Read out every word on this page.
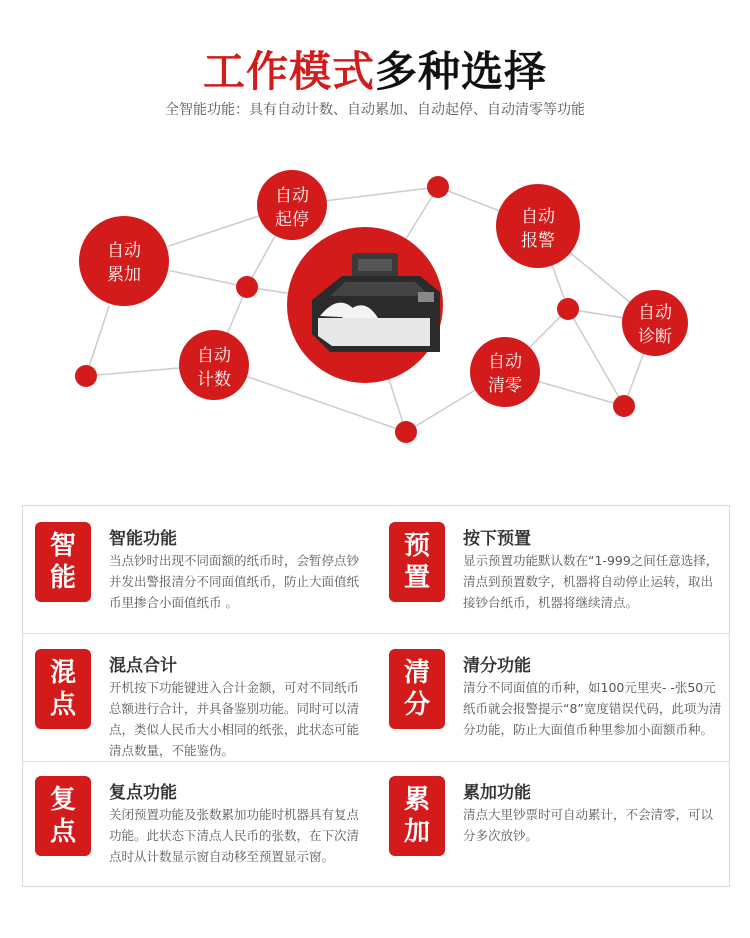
工作模式多种选择
全智能功能：具有自动计数、自动累加、自动起停、自动清零等功能
自动
累加
自动
起停	自动
报警
自动
诊断
自动
计数
自动
清零
智
能
智能功能
当点钞时出现不同面额的纸币时，会暂停点钞并发出警报清分不同面值纸币，防止大面值纸币里掺合小面值纸币 。
预
置
按下预置
显示预置功能默认数在“1-999之间任意选择，清点到预置数字，机器将自动停止运转，取出接钞台纸币，机器将继续清点。
混
点
混点合计
开机按下功能键进入合计金额，可对不同纸币总额进行合计，并具备鉴别功能。同时可以清点，类似人民币大小相同的纸张，此状态可能清点数量，不能鉴伪。
清
分
清分功能
清分不同面值的币种，如100元里夹- -张50元纸币就会报警提示“8”宽度错误代码，此项为清分功能，防止大面值币种里参加小面额币种。
复
点
复点功能
关闭预置功能及张数累加功能时机器具有复点功能。此状态下清点人民币的张数，在下次清点时从计数显示窗自动移至预置显示窗。
累
加
累加功能
清点大里钞票时可自动累计，不会清零，可以分多次放钞。
